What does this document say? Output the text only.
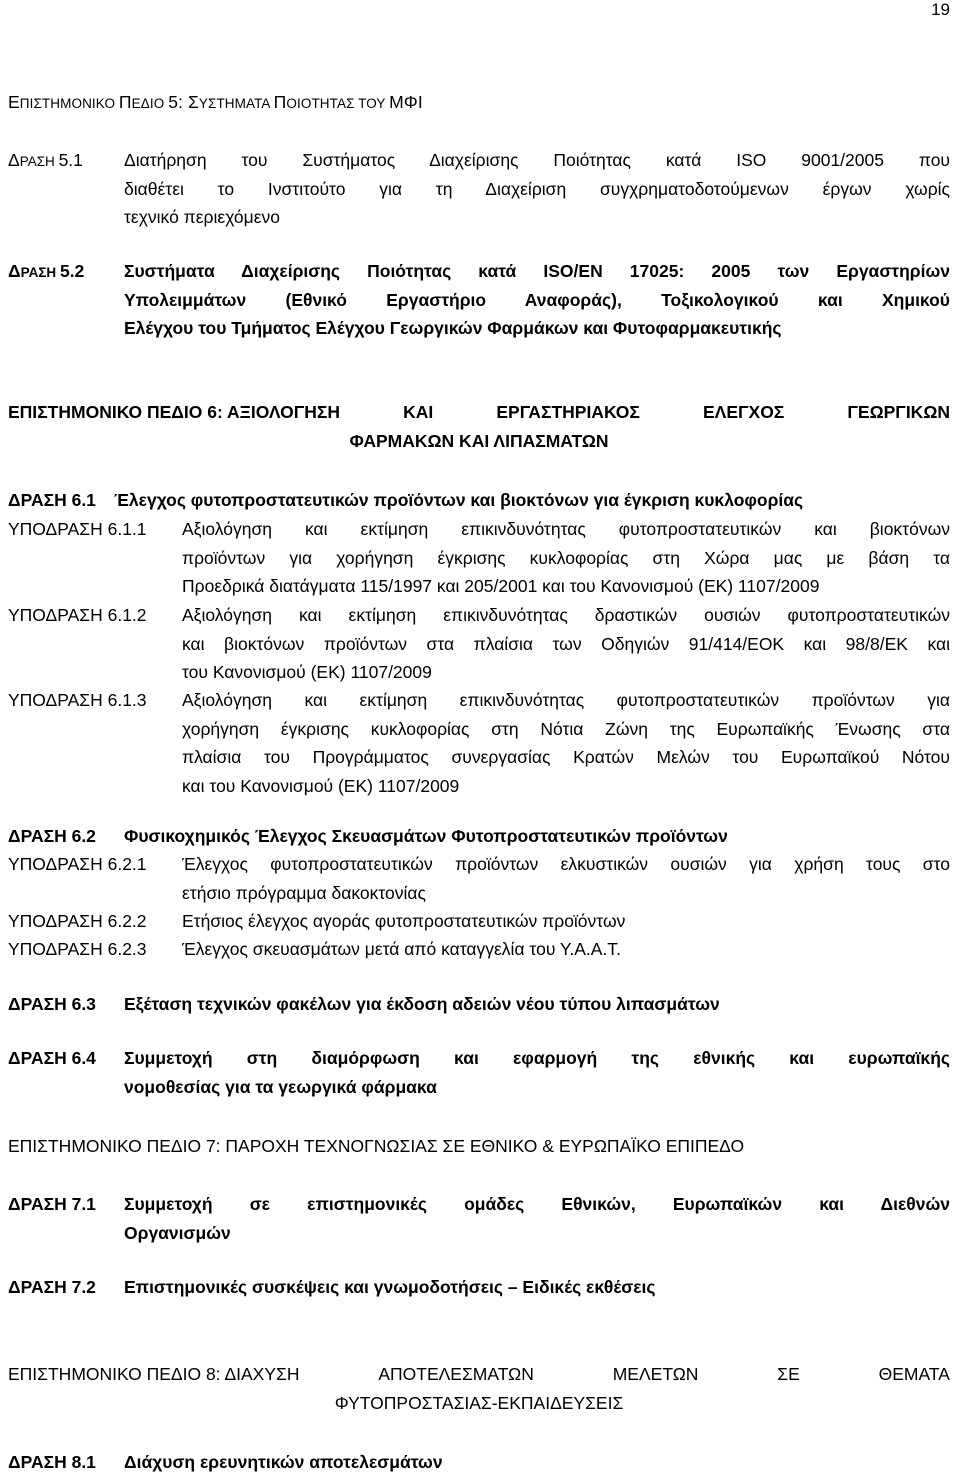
19
ΕΠΙΣΤΗΜΟΝΙΚΟ ΠΕΔΙΟ 5: ΣΥΣΤΗΜΑΤΑ ΠΟΙΟΤΗΤΑΣ ΤΟΥ ΜΦΙ
ΔΡΑΣΗ 5.1	Διατήρηση του Συστήματος Διαχείρισης Ποιότητας κατά ISO 9001/2005 που
διαθέτει το Ινστιτούτο για τη Διαχείριση συγχρηματοδοτούμενων έργων χωρίς
τεχνικό περιεχόμενο
ΔΡΑΣΗ 5.2	Συστήματα Διαχείρισης Ποιότητας κατά ISO/EN 17025: 2005 των Εργαστηρίων
Υπολειμμάτων (Εθνικό Εργαστήριο Αναφοράς), Τοξικολογικού και Χημικού
Ελέγχου του Τμήματος Ελέγχου Γεωργικών Φαρμάκων και Φυτοφαρμακευτικής
ΕΠΙΣΤΗΜΟΝΙΚΟ ΠΕΔΙΟ 6: ΑΞΙΟΛΟΓΗΣΗ	ΚΑΙ	ΕΡΓΑΣΤΗΡΙΑΚΟΣ	ΕΛΕΓΧΟΣ	ΓΕΩΡΓΙΚΩΝ
ΦΑΡΜΑΚΩΝ ΚΑΙ ΛΙΠΑΣΜΑΤΩΝ
ΔΡΑΣΗ 6.1	Έλεγχος φυτοπροστατευτικών προϊόντων και βιοκτόνων για έγκριση κυκλοφορίας
ΥΠΟΔΡΑΣΗ 6.1.1	Αξιολόγηση και εκτίμηση επικινδυνότητας φυτοπροστατευτικών και βιοκτόνων
προϊόντων για χορήγηση έγκρισης κυκλοφορίας στη Χώρα μας με βάση τα
Προεδρικά διατάγματα 115/1997 και 205/2001 και του Κανονισμού (ΕΚ) 1107/2009
ΥΠΟΔΡΑΣΗ 6.1.2	Αξιολόγηση και εκτίμηση επικινδυνότητας δραστικών ουσιών φυτοπροστατευτικών
και βιοκτόνων προϊόντων στα πλαίσια των Οδηγιών 91/414/ΕΟΚ και 98/8/ΕΚ και
του Κανονισμού (ΕΚ) 1107/2009
ΥΠΟΔΡΑΣΗ 6.1.3	Αξιολόγηση και εκτίμηση επικινδυνότητας φυτοπροστατευτικών προϊόντων για
χορήγηση έγκρισης κυκλοφορίας στη Νότια Ζώνη της Ευρωπαϊκής Ένωσης στα
πλαίσια του Προγράμματος συνεργασίας Κρατών Μελών του Ευρωπαϊκού Νότου
και του Κανονισμού (ΕΚ) 1107/2009
ΔΡΑΣΗ 6.2	Φυσικοχημικός Έλεγχος Σκευασμάτων Φυτοπροστατευτικών προϊόντων
ΥΠΟΔΡΑΣΗ 6.2.1	Έλεγχος φυτοπροστατευτικών προϊόντων ελκυστικών ουσιών για χρήση τους στο
ετήσιο πρόγραμμα δακοκτονίας
ΥΠΟΔΡΑΣΗ 6.2.2	Ετήσιος έλεγχος αγοράς φυτοπροστατευτικών προϊόντων
ΥΠΟΔΡΑΣΗ 6.2.3	Έλεγχος σκευασμάτων μετά από καταγγελία του Υ.Α.Α.Τ.
ΔΡΑΣΗ 6.3	Εξέταση τεχνικών φακέλων για έκδοση αδειών νέου τύπου λιπασμάτων
ΔΡΑΣΗ 6.4	Συμμετοχή στη διαμόρφωση και εφαρμογή της εθνικής και ευρωπαϊκής
νομοθεσίας για τα γεωργικά φάρμακα
ΕΠΙΣΤΗΜΟΝΙΚΟ ΠΕΔΙΟ 7: ΠΑΡΟΧΗ ΤΕΧΝΟΓΝΩΣΙΑΣ ΣΕ ΕΘΝΙΚΟ & ΕΥΡΩΠΑΪΚΟ ΕΠΙΠΕΔΟ
ΔΡΑΣΗ 7.1	Συμμετοχή σε επιστημονικές ομάδες Εθνικών, Ευρωπαϊκών και Διεθνών
Οργανισμών
ΔΡΑΣΗ 7.2	Επιστημονικές συσκέψεις και γνωμοδοτήσεις – Ειδικές εκθέσεις
ΕΠΙΣΤΗΜΟΝΙΚΟ ΠΕΔΙΟ 8: ΔΙΑΧΥΣΗ	ΑΠΟΤΕΛΕΣΜΑΤΩΝ	ΜΕΛΕΤΩΝ	ΣΕ	ΘΕΜΑΤΑ
ΦΥΤΟΠΡΟΣΤΑΣΙΑΣ-ΕΚΠΑΙΔΕΥΣΕΙΣ
ΔΡΑΣΗ 8.1	Διάχυση ερευνητικών αποτελεσμάτων
